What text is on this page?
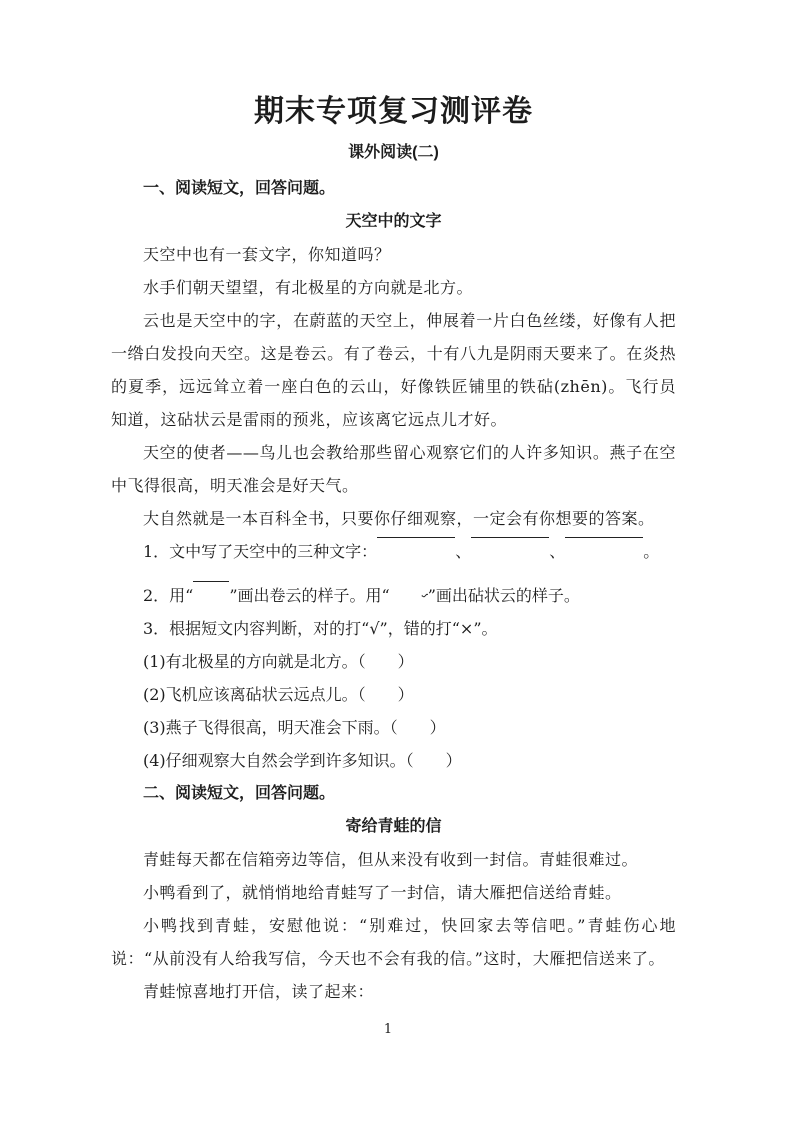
期末专项复习测评卷
课外阅读(二)
一、阅读短文，回答问题。
天空中的文字

天空中也有一套文字，你知道吗？

水手们朝天望望，有北极星的方向就是北方。

云也是天空中的字，在蔚蓝的天空上，伸展着一片白色丝缕，好像有人把一绺白发投向天空。这是卷云。有了卷云，十有八九是阴雨天要来了。在炎热的夏季，远远耸立着一座白色的云山，好像铁匠铺里的铁砧(zhēn)。飞行员知道，这砧状云是雷雨的预兆，应该离它远点儿才好。

天空的使者——鸟儿也会教给那些留心观察它们的人许多知识。燕子在空中飞得很高，明天准会是好天气。

大自然就是一本百科全书，只要你仔细观察，一定会有你想要的答案。

1．文中写了天空中的三种文字：	、	、	。
2．用“ ”画出卷云的样子。用“ ”画出砧状云的样子。
3．根据短文内容判断，对的打“√”，错的打“×”。
(1)有北极星的方向就是北方。（　　）
(2)飞机应该离砧状云远点儿。（　　）
(3)燕子飞得很高，明天准会下雨。（　　）
(4)仔细观察大自然会学到许多知识。（　　）
二、阅读短文，回答问题。
寄给青蛙的信

青蛙每天都在信箱旁边等信，但从来没有收到一封信。青蛙很难过。

小鸭看到了，就悄悄地给青蛙写了一封信，请大雁把信送给青蛙。

小鸭找到青蛙，安慰他说：“别难过，快回家去等信吧。”青蛙伤心地说：“从前没有人给我写信，今天也不会有我的信。”这时，大雁把信送来了。

青蛙惊喜地打开信，读了起来：

1
